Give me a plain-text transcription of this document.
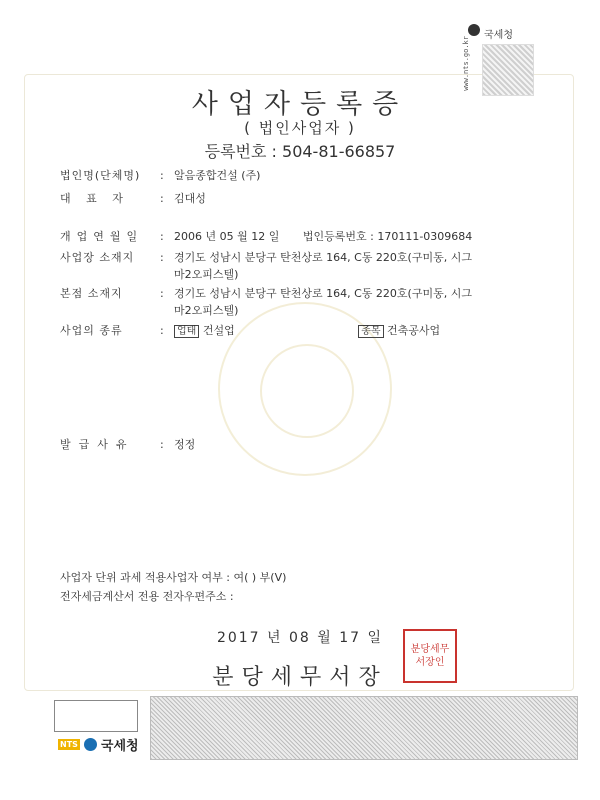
국세청
www.nts.go.kr
사업자등록증
( 법인사업자 )
등록번호 : 504-81-66857
법인명(단체명) : 알음종합건설 (주)
대 표 자	: 김대성
개업연월일 : 2006 년 05 월 12 일 법인등록번호 : 170111-0309684
사업장 소재지 : 경기도 성남시 분당구 탄천상로 164, C동 220호(구미동, 시그
마2오피스텔)
본점 소재지	: 경기도 성남시 분당구 탄천상로 164, C동 220호(구미동, 시그
마2오피스텔)
사업의 종류	: 업태 건설업	종목 건축공사업
발급사유 : 정정
사업자 단위 과세 적용사업자 여부 : 여( ) 부(V)
전자세금계산서 전용 전자우편주소 :
2017 년 08 월 17 일
분당세무서장
분당세무서장인
NTS 국세청
